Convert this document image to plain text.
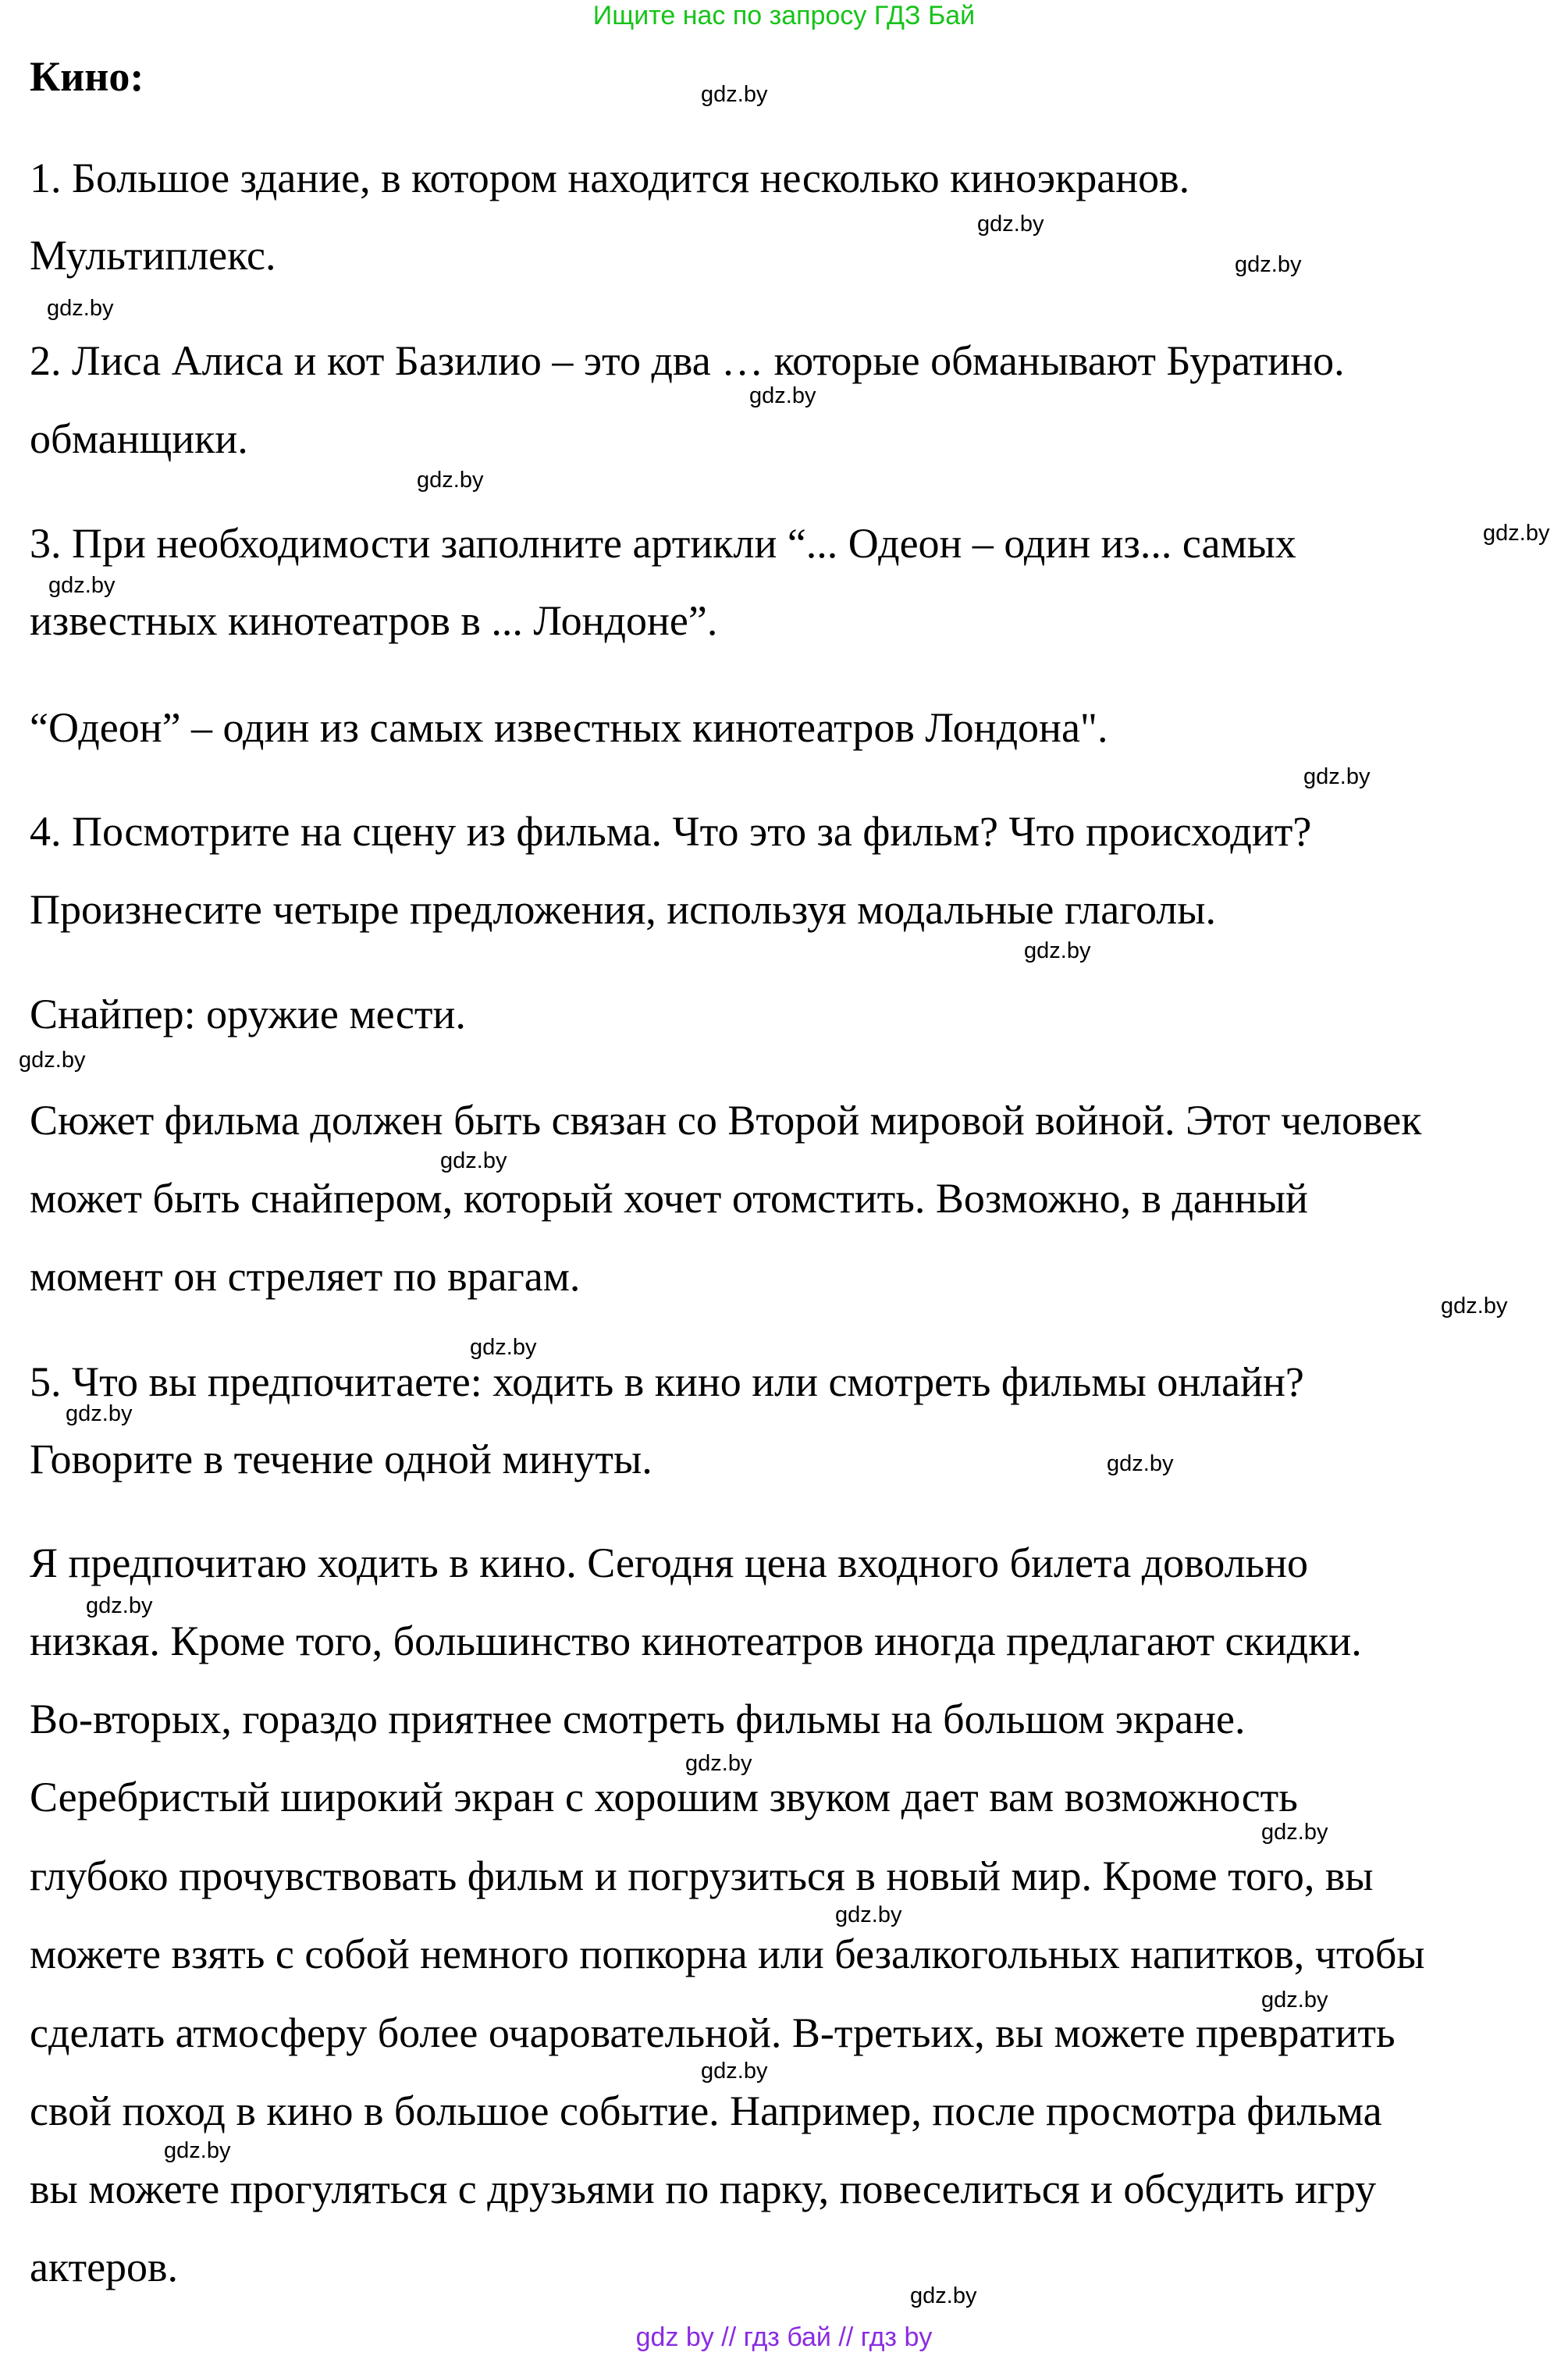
Ищите нас по запросу ГДЗ Бай

Кино:

1. Большое здание, в котором находится несколько киноэкранов.

Мультиплекс.

2. Лиса Алиса и кот Базилио – это два … которые обманывают Буратино.

обманщики.

3. При необходимости заполните артикли “... Одеон – один из... самых

известных кинотеатров в ... Лондоне”.

“Одеон” – один из самых известных кинотеатров Лондона".

4. Посмотрите на сцену из фильма. Что это за фильм? Что происходит?

Произнесите четыре предложения, используя модальные глаголы.

Снайпер: оружие мести.

Сюжет фильма должен быть связан со Второй мировой войной. Этот человек

может быть снайпером, который хочет отомстить. Возможно, в данный

момент он стреляет по врагам.

5. Что вы предпочитаете: ходить в кино или смотреть фильмы онлайн?

Говорите в течение одной минуты.

Я предпочитаю ходить в кино. Сегодня цена входного билета довольно

низкая. Кроме того, большинство кинотеатров иногда предлагают скидки.

Во-вторых, гораздо приятнее смотреть фильмы на большом экране.

Серебристый широкий экран с хорошим звуком дает вам возможность

глубоко прочувствовать фильм и погрузиться в новый мир. Кроме того, вы

можете взять с собой немного попкорна или безалкогольных напитков, чтобы

сделать атмосферу более очаровательной. В-третьих, вы можете превратить

свой поход в кино в большое событие. Например, после просмотра фильма

вы можете прогуляться с друзьями по парку, повеселиться и обсудить игру

актеров.

gdz.by

gdz.by

gdz.by

gdz.by

gdz.by

gdz.by

gdz.by

gdz.by

gdz.by

gdz.by

gdz.by

gdz.by

gdz.by

gdz.by

gdz.by

gdz.by

gdz.by

gdz.by

gdz.by

gdz.by

gdz.by

gdz.by

gdz.by

gdz.by

gdz by // гдз бай // гдз by
